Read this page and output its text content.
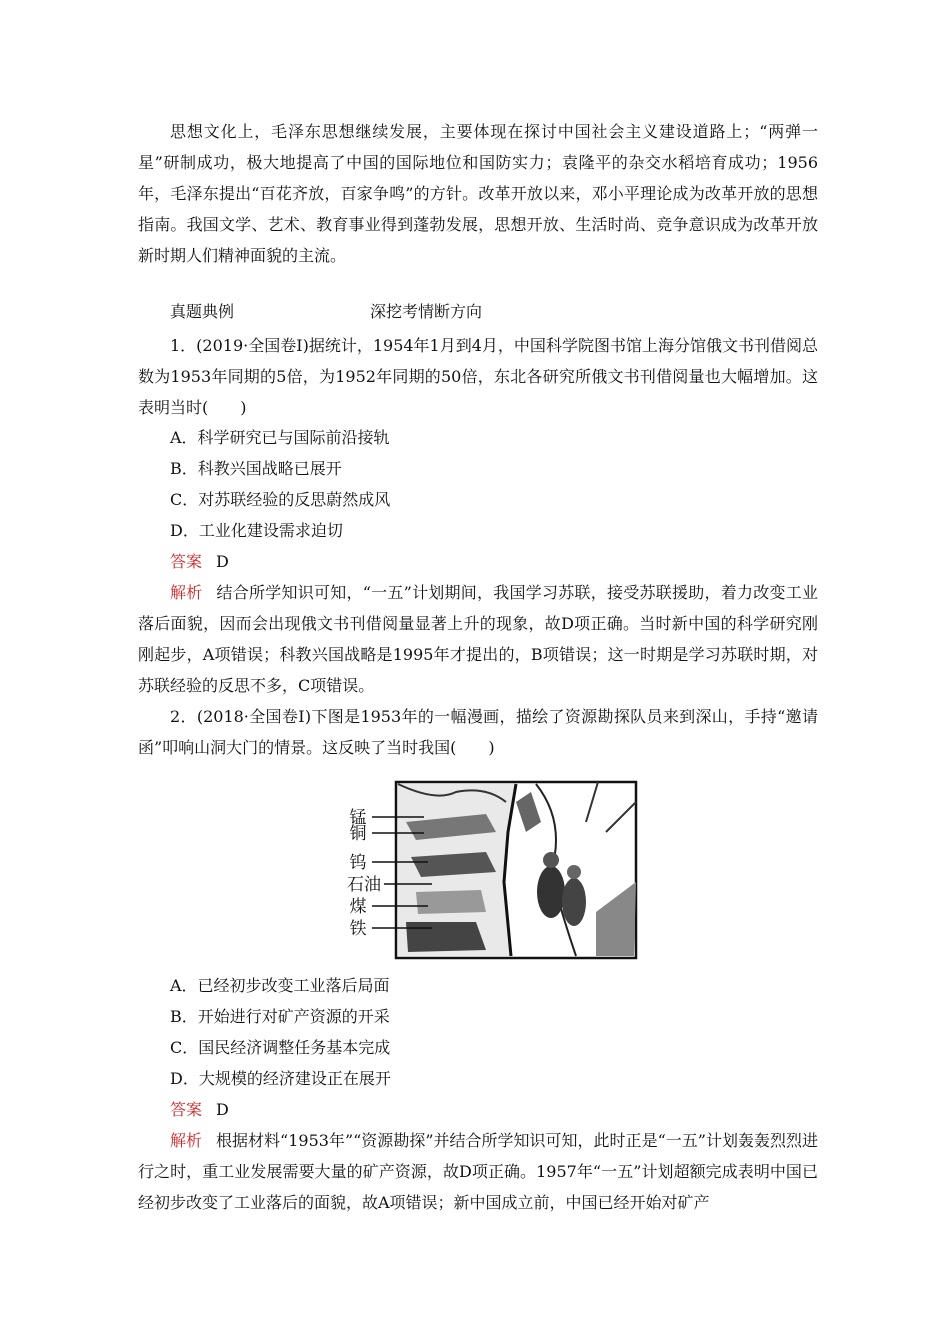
思想文化上，毛泽东思想继续发展，主要体现在探讨中国社会主义建设道路上；“两弹一星”研制成功，极大地提高了中国的国际地位和国防实力；袁隆平的杂交水稻培育成功；1956年，毛泽东提出“百花齐放，百家争鸣”的方针。改革开放以来，邓小平理论成为改革开放的思想指南。我国文学、艺术、教育事业得到蓬勃发展，思想开放、生活时尚、竞争意识成为改革开放新时期人们精神面貌的主流。

真题典例	深挖考情断方向

1．(2019·全国卷Ⅰ)据统计，1954年1月到4月，中国科学院图书馆上海分馆俄文书刊借阅总数为1953年同期的5倍，为1952年同期的50倍，东北各研究所俄文书刊借阅量也大幅增加。这表明当时(　　)

A．科学研究已与国际前沿接轨
B．科教兴国战略已展开
C．对苏联经验的反思蔚然成风
D．工业化建设需求迫切
答案 D

解析 结合所学知识可知，“一五”计划期间，我国学习苏联，接受苏联援助，着力改变工业落后面貌，因而会出现俄文书刊借阅量显著上升的现象，故D项正确。当时新中国的科学研究刚刚起步，A项错误；科教兴国战略是1995年才提出的，B项错误；这一时期是学习苏联时期，对苏联经验的反思不多，C项错误。

2．(2018·全国卷Ⅰ)下图是1953年的一幅漫画，描绘了资源勘探队员来到深山，手持“邀请函”叩响山洞大门的情景。这反映了当时我国(　　)

锰
铜
钨
石油
煤
铁
A．已经初步改变工业落后局面
B．开始进行对矿产资源的开采
C．国民经济调整任务基本完成
D．大规模的经济建设正在展开
答案 D

解析 根据材料“1953年”“资源勘探”并结合所学知识可知，此时正是“一五”计划轰轰烈烈进行之时，重工业发展需要大量的矿产资源，故D项正确。1957年“一五”计划超额完成表明中国已经初步改变了工业落后的面貌，故A项错误；新中国成立前，中国已经开始对矿产
